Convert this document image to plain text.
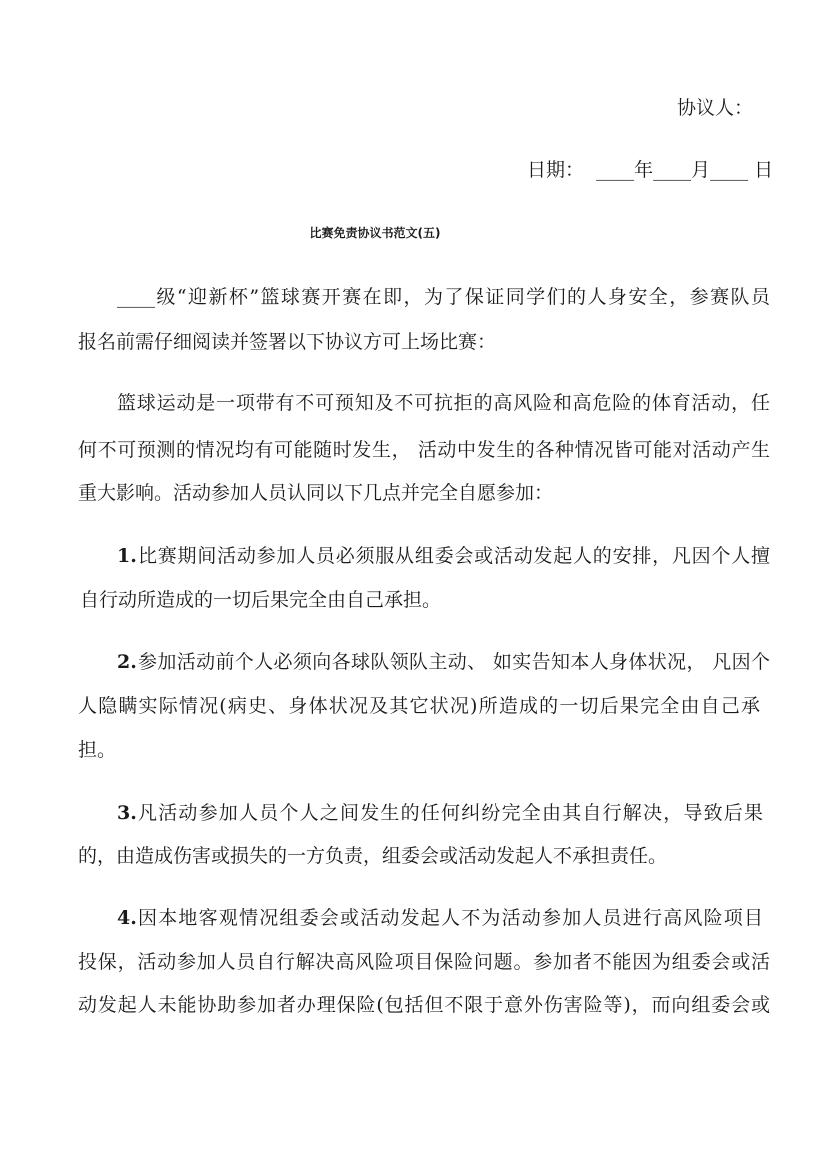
协议人：
日期：  ____年____月____ 日
比赛免责协议书范文(五)
____级“迎新杯”篮球赛开赛在即，为了保证同学们的人身安全，参赛队员
报名前需仔细阅读并签署以下协议方可上场比赛：
篮球运动是一项带有不可预知及不可抗拒的高风险和高危险的体育活动，任
何不可预测的情况均有可能随时发生， 活动中发生的各种情况皆可能对活动产生
重大影响。活动参加人员认同以下几点并完全自愿参加：
1. 比赛期间活动参加人员必须服从组委会或活动发起人的安排，凡因个人擅
自行动所造成的一切后果完全由自己承担。
2. 参加活动前个人必须向各球队领队主动、 如实告知本人身体状况， 凡因个
人隐瞒实际情况(病史、身体状况及其它状况)所造成的一切后果完全由自己承
担。
3. 凡活动参加人员个人之间发生的任何纠纷完全由其自行解决，导致后果
的，由造成伤害或损失的一方负责，组委会或活动发起人不承担责任。
4. 因本地客观情况组委会或活动发起人不为活动参加人员进行高风险项目
投保，活动参加人员自行解决高风险项目保险问题。参加者不能因为组委会或活
动发起人未能协助参加者办理保险(包括但不限于意外伤害险等)，而向组委会或
